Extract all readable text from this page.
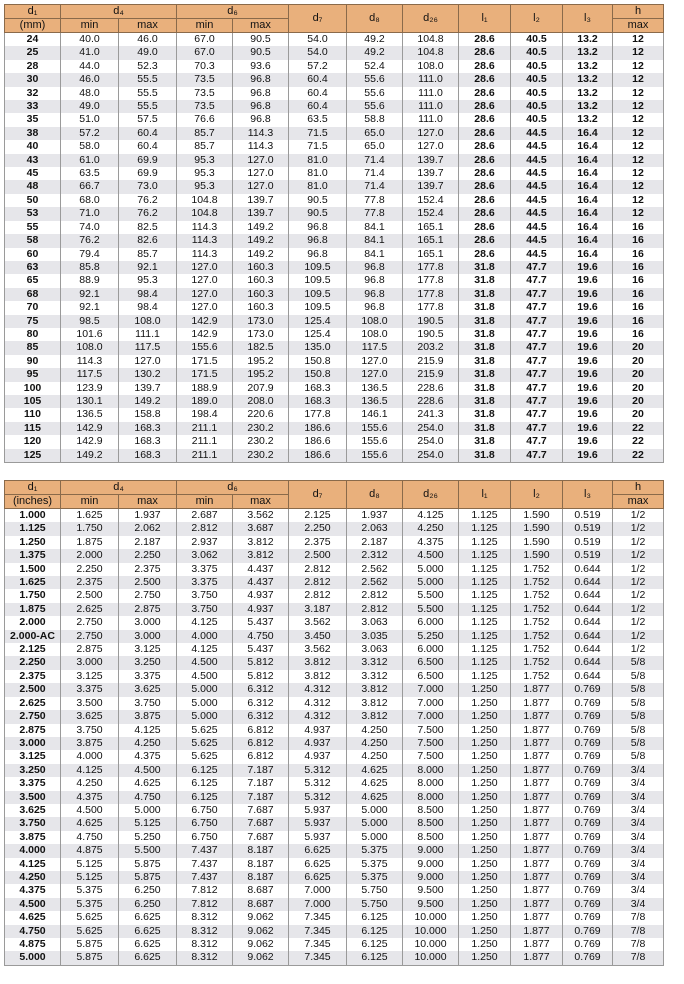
d₁	d₄		d₆		d₇	d₈	d₂₆	l₁	l₂	l₃	h
(mm)	min	max	min	max							max
24	40.0	46.0	67.0	90.5	54.0	49.2	104.8	28.6	40.5	13.2	12
25	41.0	49.0	67.0	90.5	54.0	49.2	104.8	28.6	40.5	13.2	12
28	44.0	52.3	70.3	93.6	57.2	52.4	108.0	28.6	40.5	13.2	12
30	46.0	55.5	73.5	96.8	60.4	55.6	111.0	28.6	40.5	13.2	12
32	48.0	55.5	73.5	96.8	60.4	55.6	111.0	28.6	40.5	13.2	12
33	49.0	55.5	73.5	96.8	60.4	55.6	111.0	28.6	40.5	13.2	12
35	51.0	57.5	76.6	96.8	63.5	58.8	111.0	28.6	40.5	13.2	12
38	57.2	60.4	85.7	114.3	71.5	65.0	127.0	28.6	44.5	16.4	12
40	58.0	60.4	85.7	114.3	71.5	65.0	127.0	28.6	44.5	16.4	12
43	61.0	69.9	95.3	127.0	81.0	71.4	139.7	28.6	44.5	16.4	12
45	63.5	69.9	95.3	127.0	81.0	71.4	139.7	28.6	44.5	16.4	12
48	66.7	73.0	95.3	127.0	81.0	71.4	139.7	28.6	44.5	16.4	12
50	68.0	76.2	104.8	139.7	90.5	77.8	152.4	28.6	44.5	16.4	12
53	71.0	76.2	104.8	139.7	90.5	77.8	152.4	28.6	44.5	16.4	12
55	74.0	82.5	114.3	149.2	96.8	84.1	165.1	28.6	44.5	16.4	16
58	76.2	82.6	114.3	149.2	96.8	84.1	165.1	28.6	44.5	16.4	16
60	79.4	85.7	114.3	149.2	96.8	84.1	165.1	28.6	44.5	16.4	16
63	85.8	92.1	127.0	160.3	109.5	96.8	177.8	31.8	47.7	19.6	16
65	88.9	95.3	127.0	160.3	109.5	96.8	177.8	31.8	47.7	19.6	16
68	92.1	98.4	127.0	160.3	109.5	96.8	177.8	31.8	47.7	19.6	16
70	92.1	98.4	127.0	160.3	109.5	96.8	177.8	31.8	47.7	19.6	16
75	98.5	108.0	142.9	173.0	125.4	108.0	190.5	31.8	47.7	19.6	16
80	101.6	111.1	142.9	173.0	125.4	108.0	190.5	31.8	47.7	19.6	16
85	108.0	117.5	155.6	182.5	135.0	117.5	203.2	31.8	47.7	19.6	20
90	114.3	127.0	171.5	195.2	150.8	127.0	215.9	31.8	47.7	19.6	20
95	117.5	130.2	171.5	195.2	150.8	127.0	215.9	31.8	47.7	19.6	20
100	123.9	139.7	188.9	207.9	168.3	136.5	228.6	31.8	47.7	19.6	20
105	130.1	149.2	189.0	208.0	168.3	136.5	228.6	31.8	47.7	19.6	20
110	136.5	158.8	198.4	220.6	177.8	146.1	241.3	31.8	47.7	19.6	20
115	142.9	168.3	211.1	230.2	186.6	155.6	254.0	31.8	47.7	19.6	22
120	142.9	168.3	211.1	230.2	186.6	155.6	254.0	31.8	47.7	19.6	22
125	149.2	168.3	211.1	230.2	186.6	155.6	254.0	31.8	47.7	19.6	22
d₁	d₄		d₆		d₇	d₈	d₂₆	l₁	l₂	l₃	h
(inches)	min	max	min	max							max
1.000	1.625	1.937	2.687	3.562	2.125	1.937	4.125	1.125	1.590	0.519	1/2
1.125	1.750	2.062	2.812	3.687	2.250	2.063	4.250	1.125	1.590	0.519	1/2
1.250	1.875	2.187	2.937	3.812	2.375	2.187	4.375	1.125	1.590	0.519	1/2
1.375	2.000	2.250	3.062	3.812	2.500	2.312	4.500	1.125	1.590	0.519	1/2
1.500	2.250	2.375	3.375	4.437	2.812	2.562	5.000	1.125	1.752	0.644	1/2
1.625	2.375	2.500	3.375	4.437	2.812	2.562	5.000	1.125	1.752	0.644	1/2
1.750	2.500	2.750	3.750	4.937	2.812	2.812	5.500	1.125	1.752	0.644	1/2
1.875	2.625	2.875	3.750	4.937	3.187	2.812	5.500	1.125	1.752	0.644	1/2
2.000	2.750	3.000	4.125	5.437	3.562	3.063	6.000	1.125	1.752	0.644	1/2
2.000-AC	2.750	3.000	4.000	4.750	3.450	3.035	5.250	1.125	1.752	0.644	1/2
2.125	2.875	3.125	4.125	5.437	3.562	3.063	6.000	1.125	1.752	0.644	1/2
2.250	3.000	3.250	4.500	5.812	3.812	3.312	6.500	1.125	1.752	0.644	5/8
2.375	3.125	3.375	4.500	5.812	3.812	3.312	6.500	1.125	1.752	0.644	5/8
2.500	3.375	3.625	5.000	6.312	4.312	3.812	7.000	1.250	1.877	0.769	5/8
2.625	3.500	3.750	5.000	6.312	4.312	3.812	7.000	1.250	1.877	0.769	5/8
2.750	3.625	3.875	5.000	6.312	4.312	3.812	7.000	1.250	1.877	0.769	5/8
2.875	3.750	4.125	5.625	6.812	4.937	4.250	7.500	1.250	1.877	0.769	5/8
3.000	3.875	4.250	5.625	6.812	4.937	4.250	7.500	1.250	1.877	0.769	5/8
3.125	4.000	4.375	5.625	6.812	4.937	4.250	7.500	1.250	1.877	0.769	5/8
3.250	4.125	4.500	6.125	7.187	5.312	4.625	8.000	1.250	1.877	0.769	3/4
3.375	4.250	4.625	6.125	7.187	5.312	4.625	8.000	1.250	1.877	0.769	3/4
3.500	4.375	4.750	6.125	7.187	5.312	4.625	8.000	1.250	1.877	0.769	3/4
3.625	4.500	5.000	6.750	7.687	5.937	5.000	8.500	1.250	1.877	0.769	3/4
3.750	4.625	5.125	6.750	7.687	5.937	5.000	8.500	1.250	1.877	0.769	3/4
3.875	4.750	5.250	6.750	7.687	5.937	5.000	8.500	1.250	1.877	0.769	3/4
4.000	4.875	5.500	7.437	8.187	6.625	5.375	9.000	1.250	1.877	0.769	3/4
4.125	5.125	5.875	7.437	8.187	6.625	5.375	9.000	1.250	1.877	0.769	3/4
4.250	5.125	5.875	7.437	8.187	6.625	5.375	9.000	1.250	1.877	0.769	3/4
4.375	5.375	6.250	7.812	8.687	7.000	5.750	9.500	1.250	1.877	0.769	3/4
4.500	5.375	6.250	7.812	8.687	7.000	5.750	9.500	1.250	1.877	0.769	3/4
4.625	5.625	6.625	8.312	9.062	7.345	6.125	10.000	1.250	1.877	0.769	7/8
4.750	5.625	6.625	8.312	9.062	7.345	6.125	10.000	1.250	1.877	0.769	7/8
4.875	5.875	6.625	8.312	9.062	7.345	6.125	10.000	1.250	1.877	0.769	7/8
5.000	5.875	6.625	8.312	9.062	7.345	6.125	10.000	1.250	1.877	0.769	7/8
